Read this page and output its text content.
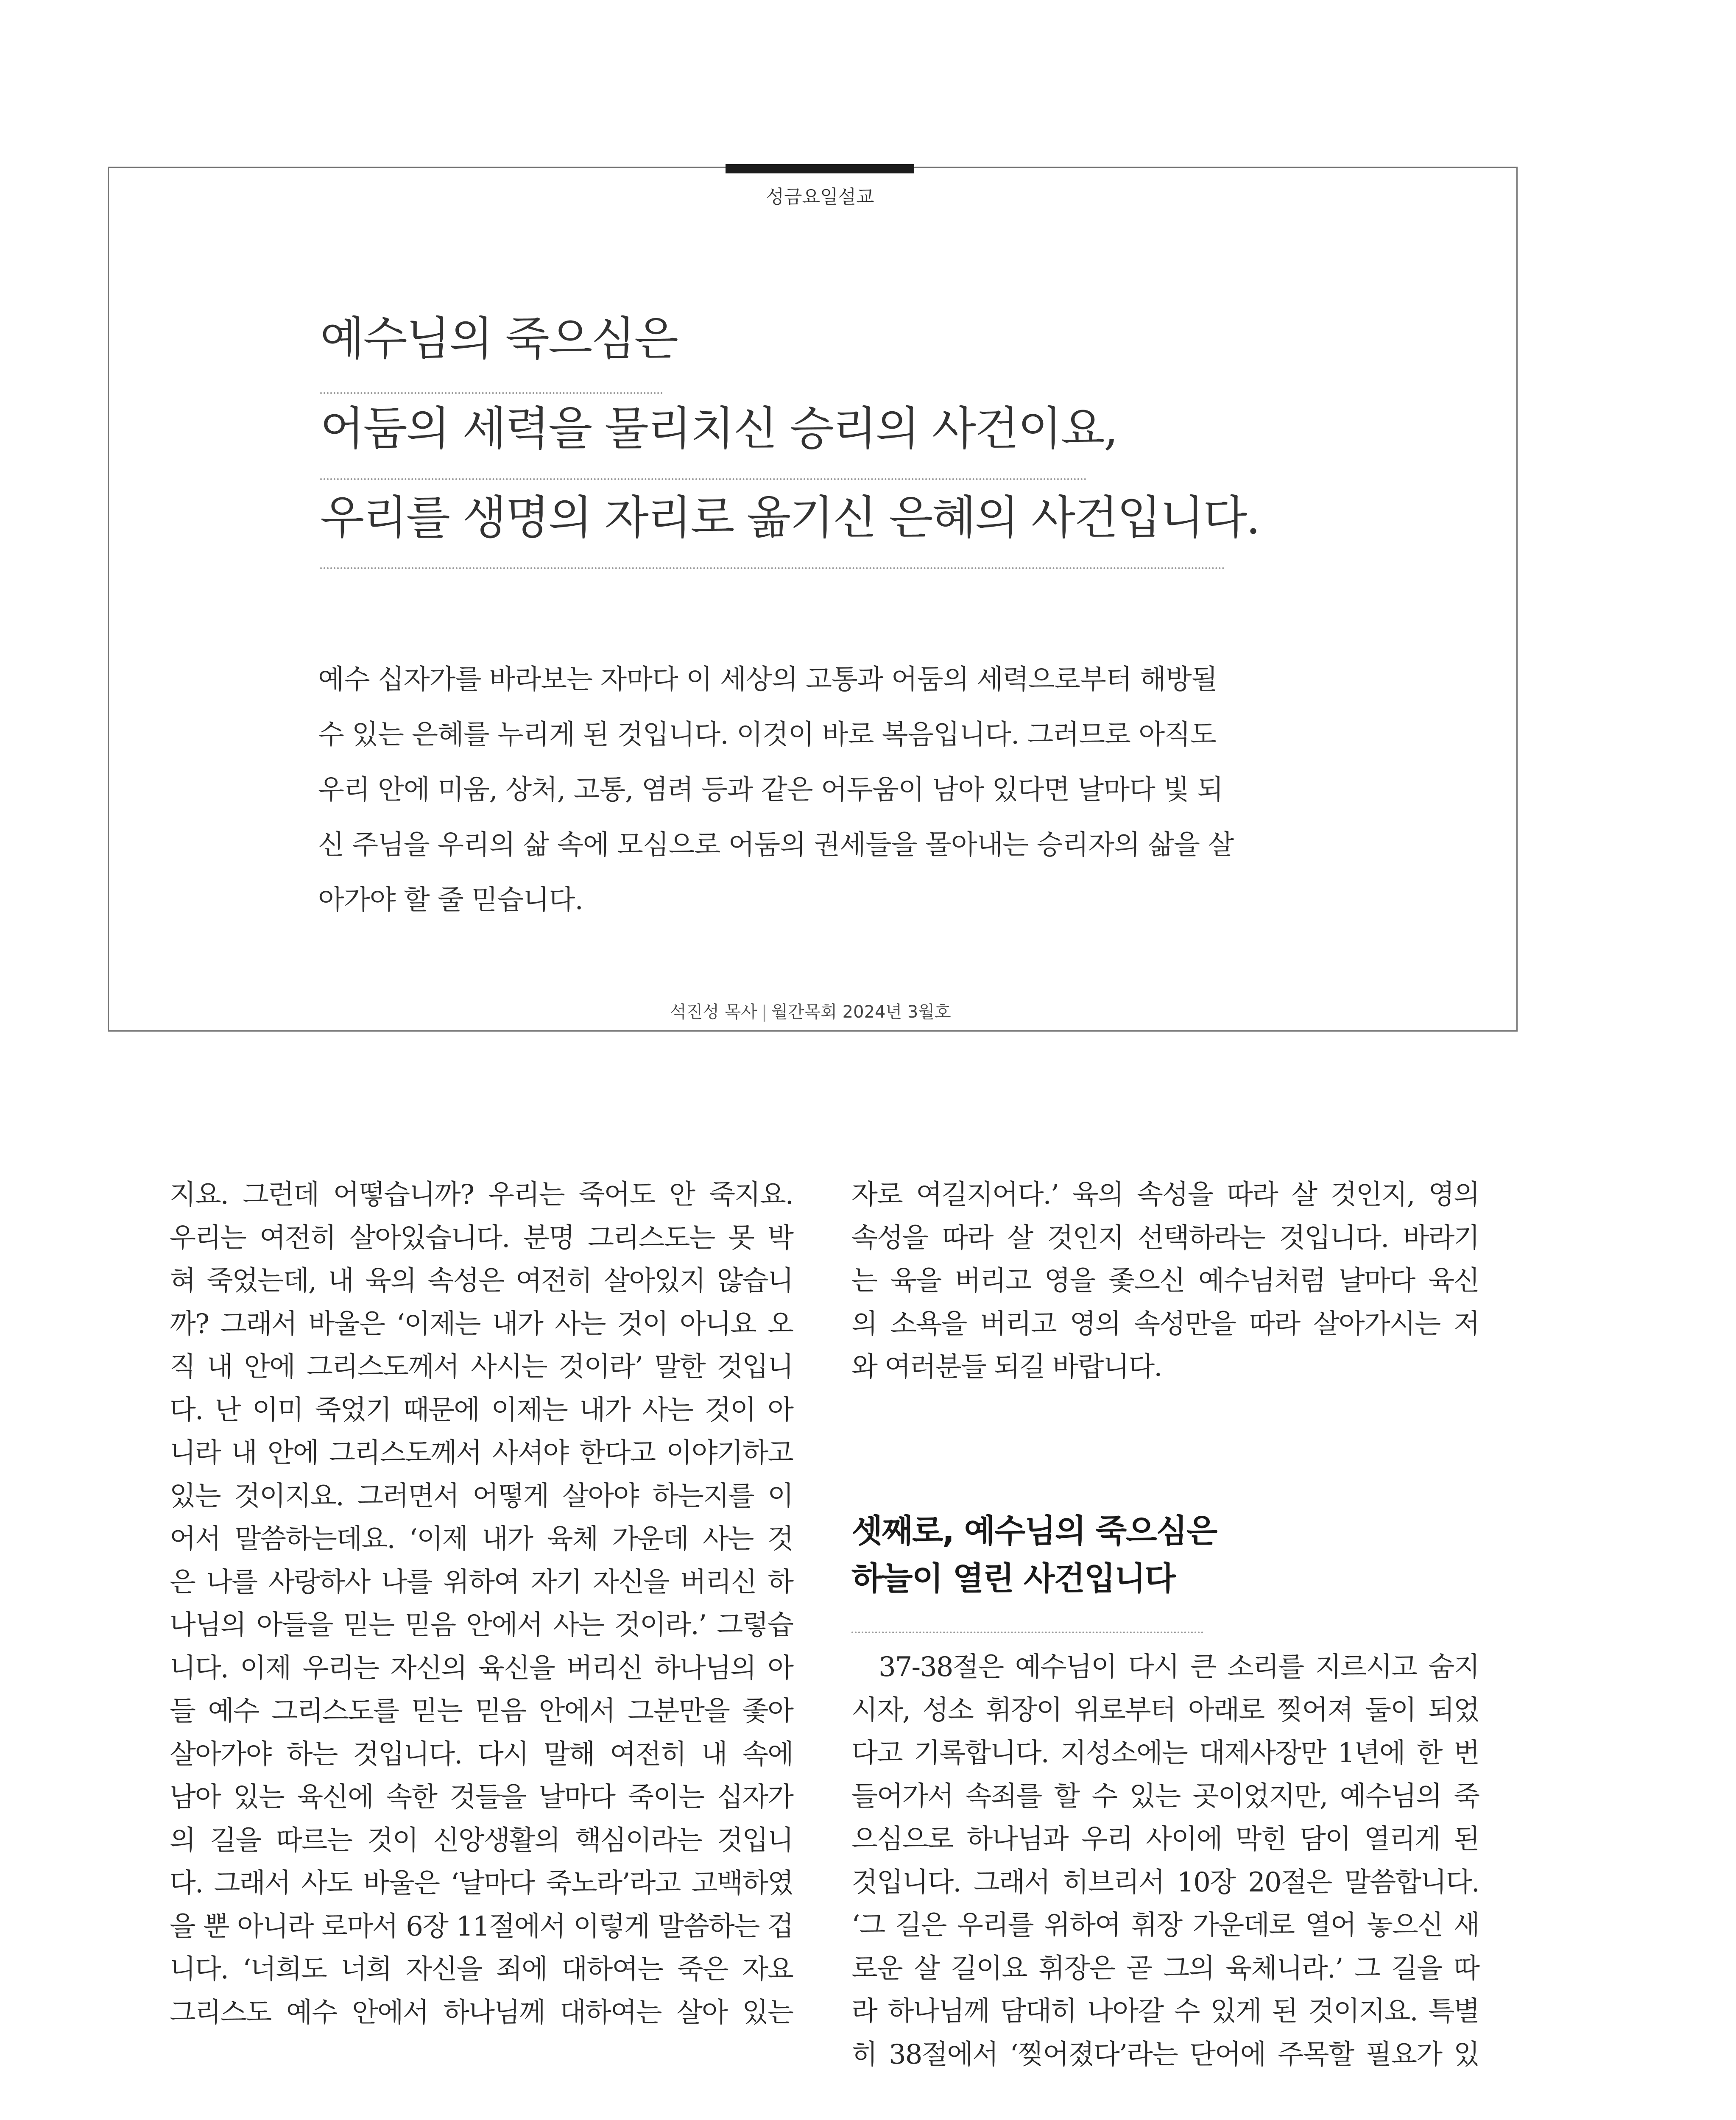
성금요일설교
예수님의 죽으심은
어둠의 세력을 물리치신 승리의 사건이요,
우리를 생명의 자리로 옮기신 은혜의 사건입니다.

예수 십자가를 바라보는 자마다 이 세상의 고통과 어둠의 세력으로부터 해방될

수 있는 은혜를 누리게 된 것입니다. 이것이 바로 복음입니다. 그러므로 아직도

우리 안에 미움, 상처, 고통, 염려 등과 같은 어두움이 남아 있다면 날마다 빛 되

신 주님을 우리의 삶 속에 모심으로 어둠의 권세들을 몰아내는 승리자의 삶을 살

아가야 할 줄 믿습니다.

석진성 목사 | 월간목회 2024년 3월호
지요. 그런데 어떻습니까? 우리는 죽어도 안 죽지요.
우리는 여전히 살아있습니다. 분명 그리스도는 못 박
혀 죽었는데, 내 육의 속성은 여전히 살아있지 않습니
까? 그래서 바울은 ‘이제는 내가 사는 것이 아니요 오
직 내 안에 그리스도께서 사시는 것이라’ 말한 것입니
다. 난 이미 죽었기 때문에 이제는 내가 사는 것이 아
니라 내 안에 그리스도께서 사셔야 한다고 이야기하고
있는 것이지요. 그러면서 어떻게 살아야 하는지를 이
어서 말씀하는데요. ‘이제 내가 육체 가운데 사는 것
은 나를 사랑하사 나를 위하여 자기 자신을 버리신 하
나님의 아들을 믿는 믿음 안에서 사는 것이라.’ 그렇습
니다. 이제 우리는 자신의 육신을 버리신 하나님의 아
들 예수 그리스도를 믿는 믿음 안에서 그분만을 좇아
살아가야 하는 것입니다. 다시 말해 여전히 내 속에
남아 있는 육신에 속한 것들을 날마다 죽이는 십자가
의 길을 따르는 것이 신앙생활의 핵심이라는 것입니
다. 그래서 사도 바울은 ‘날마다 죽노라’라고 고백하였
을 뿐 아니라 로마서 6장 11절에서 이렇게 말씀하는 겁
니다. ‘너희도 너희 자신을 죄에 대하여는 죽은 자요
그리스도 예수 안에서 하나님께 대하여는 살아 있는
자로 여길지어다.’ 육의 속성을 따라 살 것인지, 영의
속성을 따라 살 것인지 선택하라는 것입니다. 바라기
는 육을 버리고 영을 좇으신 예수님처럼 날마다 육신
의 소욕을 버리고 영의 속성만을 따라 살아가시는 저
와 여러분들 되길 바랍니다.
셋째로, 예수님의 죽으심은
하늘이 열린 사건입니다
37-38절은 예수님이 다시 큰 소리를 지르시고 숨지
시자, 성소 휘장이 위로부터 아래로 찢어져 둘이 되었
다고 기록합니다. 지성소에는 대제사장만 1년에 한 번
들어가서 속죄를 할 수 있는 곳이었지만, 예수님의 죽
으심으로 하나님과 우리 사이에 막힌 담이 열리게 된
것입니다. 그래서 히브리서 10장 20절은 말씀합니다.
‘그 길은 우리를 위하여 휘장 가운데로 열어 놓으신 새
로운 살 길이요 휘장은 곧 그의 육체니라.’ 그 길을 따
라 하나님께 담대히 나아갈 수 있게 된 것이지요. 특별
히 38절에서 ‘찢어졌다’라는 단어에 주목할 필요가 있
